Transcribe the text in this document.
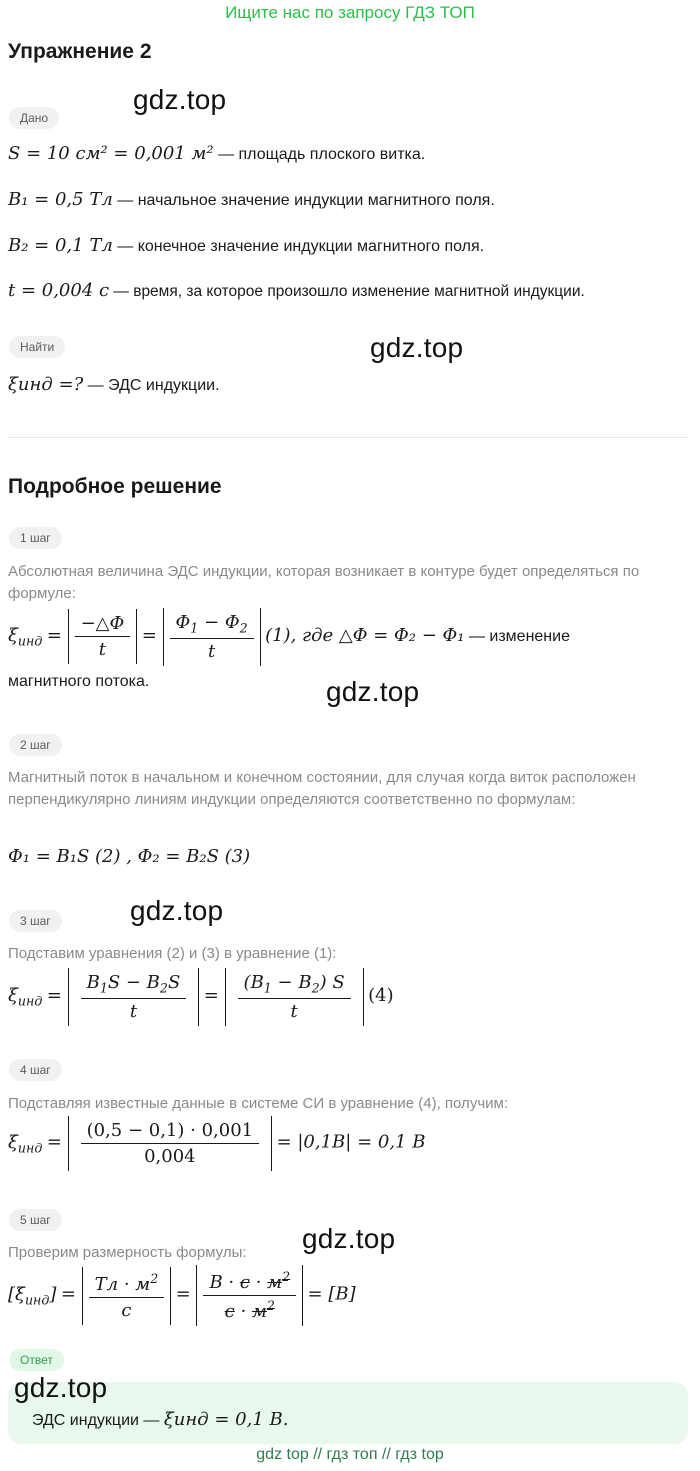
Ищите нас по запросу ГДЗ ТОП
Упражнение 2
gdz.top
gdz.top
gdz.top
gdz.top
gdz.top
gdz.top
Дано
S = 10 см² = 0,001 м² — площадь плоского витка.
B₁ = 0,5 Тл — начальное значение индукции магнитного поля.
B₂ = 0,1 Тл — конечное значение индукции магнитного поля.
t = 0,004 с — время, за которое произошло изменение магнитной индукции.
Найти
ξинд =? — ЭДС индукции.
Подробное решение
1 шаг
Абсолютная величина ЭДС индукции, которая возникает в контуре будет определяться по формуле:
$\xi_{инд} = \frac{-\triangle\Phi}{t} = \frac{\Phi_1 - \Phi_2}{t} (1)$, где △Φ = Φ₂ − Φ₁ — изменение
магнитного потока.
2 шаг
Магнитный поток в начальном и конечном состоянии, для случая когда виток расположен перпендикулярно линиям индукции определяются соответственно по формулам:
Φ₁ = B₁S (2) , Φ₂ = B₂S (3)
3 шаг
Подставим уравнения (2) и (3) в уравнение (1):
$\xi_{инд} = \frac{B_1S - B_2S}{t} = \frac{(B_1 - B_2) S}{t} (4)$
4 шаг
Подставляя известные данные в системе СИ в уравнение (4), получим:
$\xi_{инд} = \frac{(0,5 - 0,1) \cdot 0,001}{0,004} = |0,1B| = 0,1$ B
5 шаг
Проверим размерность формулы:
$[\xi_{инд}] = \frac{Тл \cdot м^2}{с} = \frac{B \cdot с \cdot м^2}{с \cdot м^2} = [B]$
Ответ
ЭДС индукции — ξинд = 0,1 B.
gdz top // гдз топ // гдз top
